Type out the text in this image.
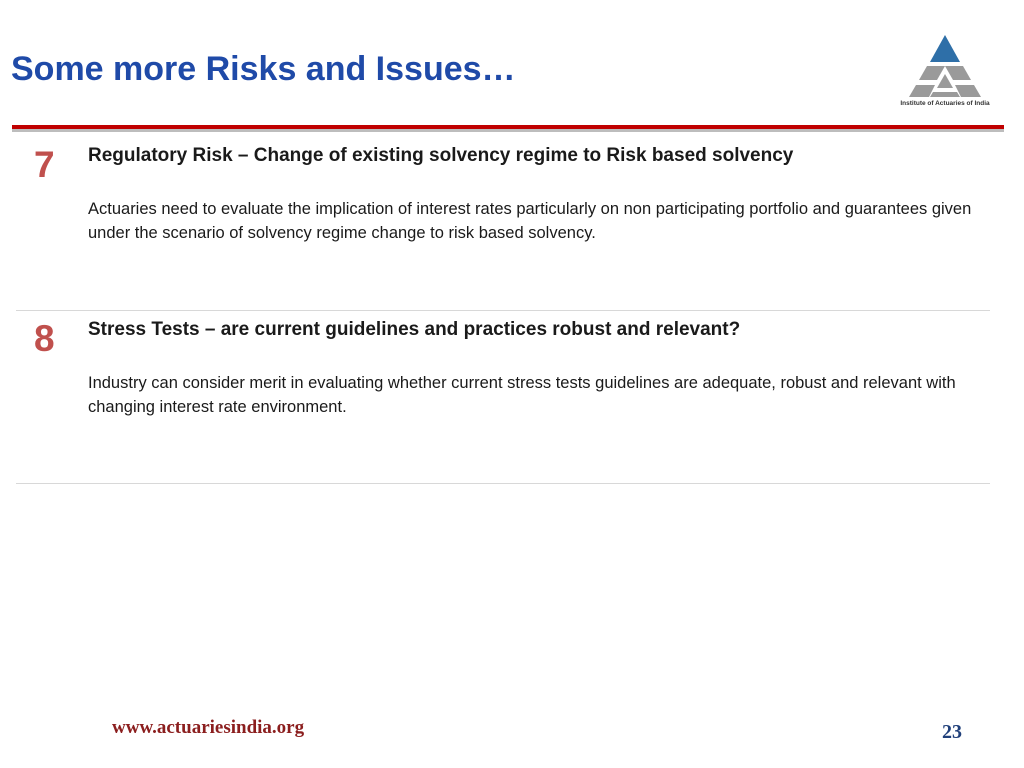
Some more Risks and Issues…
Institute of Actuaries of India
7 Regulatory Risk – Change of existing solvency regime to Risk based solvency
Actuaries need to evaluate the implication of interest rates particularly on non participating portfolio and guarantees given under the scenario of solvency regime change to risk based solvency.
8 Stress Tests – are current guidelines and practices robust and relevant?
Industry can consider merit in evaluating whether current stress tests guidelines are adequate, robust and relevant with changing interest rate environment.
www.actuariesindia.org	23
